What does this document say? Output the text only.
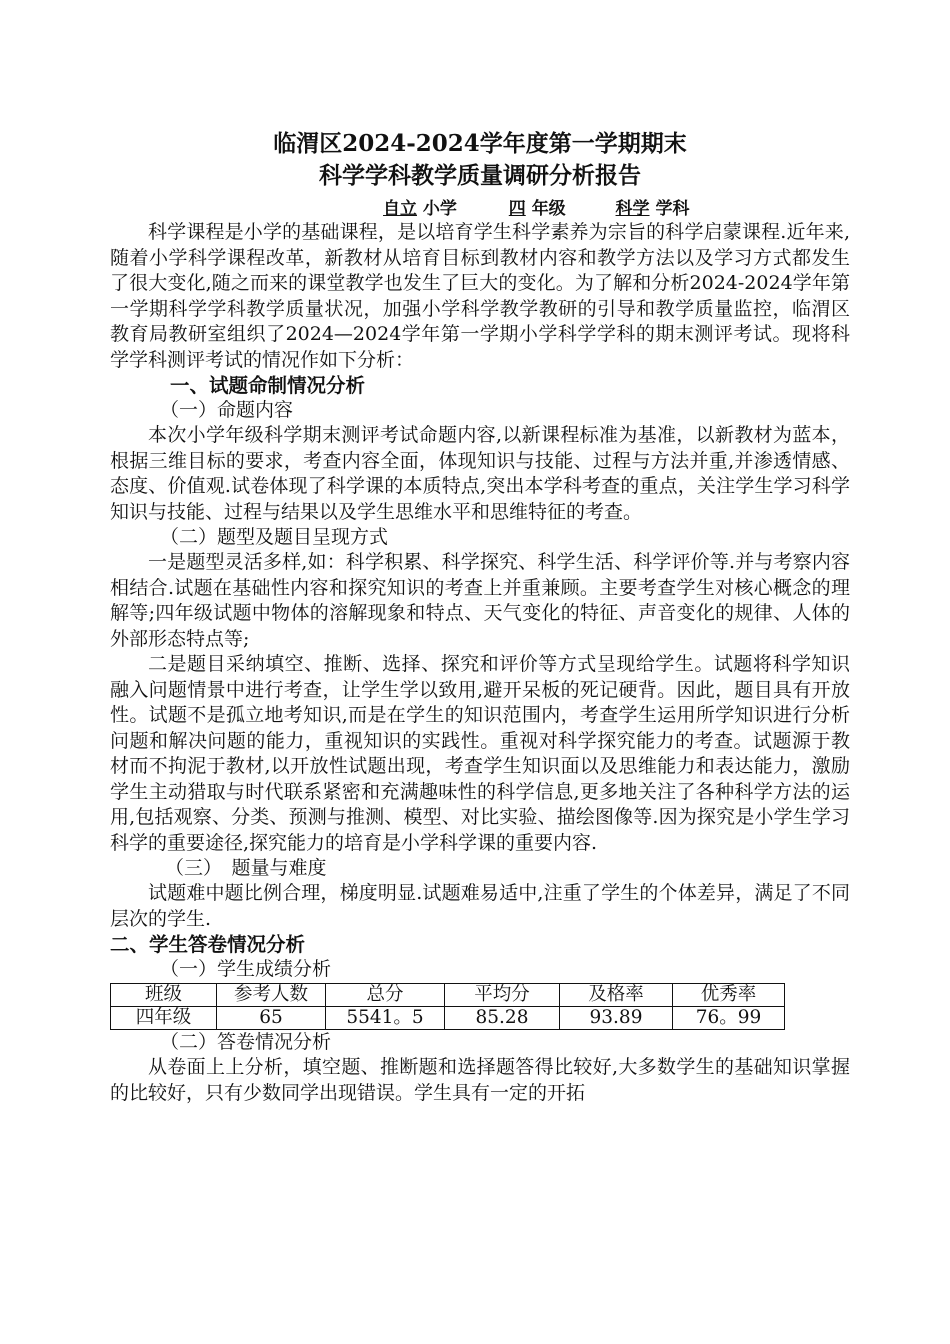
临渭区2024-2024学年度第一学期期末
科学学科教学质量调研分析报告
自立 小学	四 年级	科学 学科

科学课程是小学的基础课程，是以培育学生科学素养为宗旨的科学启蒙课程.近年来,随着小学科学课程改革，新教材从培育目标到教材内容和教学方法以及学习方式都发生了很大变化,随之而来的课堂教学也发生了巨大的变化。为了解和分析2024-2024学年第一学期科学学科教学质量状况，加强小学科学教学教研的引导和教学质量监控，临渭区教育局教研室组织了2024—2024学年第一学期小学科学学科的期末测评考试。现将科学学科测评考试的情况作如下分析：

一、试题命制情况分析
（一）命题内容

本次小学年级科学期末测评考试命题内容,以新课程标准为基准，以新教材为蓝本，根据三维目标的要求，考查内容全面，体现知识与技能、过程与方法并重,并渗透情感、态度、价值观.试卷体现了科学课的本质特点,突出本学科考查的重点，关注学生学习科学知识与技能、过程与结果以及学生思维水平和思维特征的考查。

（二）题型及题目呈现方式

一是题型灵活多样,如：科学积累、科学探究、科学生活、科学评价等.并与考察内容相结合.试题在基础性内容和探究知识的考查上并重兼顾。主要考查学生对核心概念的理解等;四年级试题中物体的溶解现象和特点、天气变化的特征、声音变化的规律、人体的外部形态特点等;

二是题目采纳填空、推断、选择、探究和评价等方式呈现给学生。试题将科学知识融入问题情景中进行考查，让学生学以致用,避开呆板的死记硬背。因此，题目具有开放性。试题不是孤立地考知识,而是在学生的知识范围内，考查学生运用所学知识进行分析问题和解决问题的能力，重视知识的实践性。重视对科学探究能力的考查。试题源于教材而不拘泥于教材,以开放性试题出现，考查学生知识面以及思维能力和表达能力，激励学生主动猎取与时代联系紧密和充满趣味性的科学信息,更多地关注了各种科学方法的运用,包括观察、分类、预测与推测、模型、对比实验、描绘图像等.因为探究是小学生学习科学的重要途径,探究能力的培育是小学科学课的重要内容.

（三）　题量与难度

试题难中题比例合理，梯度明显.试题难易适中,注重了学生的个体差异，满足了不同层次的学生.

二、学生答卷情况分析
（一）学生成绩分析
班级	参考人数	总分	平均分	及格率	优秀率
四年级	65	5541。5	85.28	93.89	76。99
（二）答卷情况分析

从卷面上上分析，填空题、推断题和选择题答得比较好,大多数学生的基础知识掌握的比较好，只有少数同学出现错误。学生具有一定的开拓
